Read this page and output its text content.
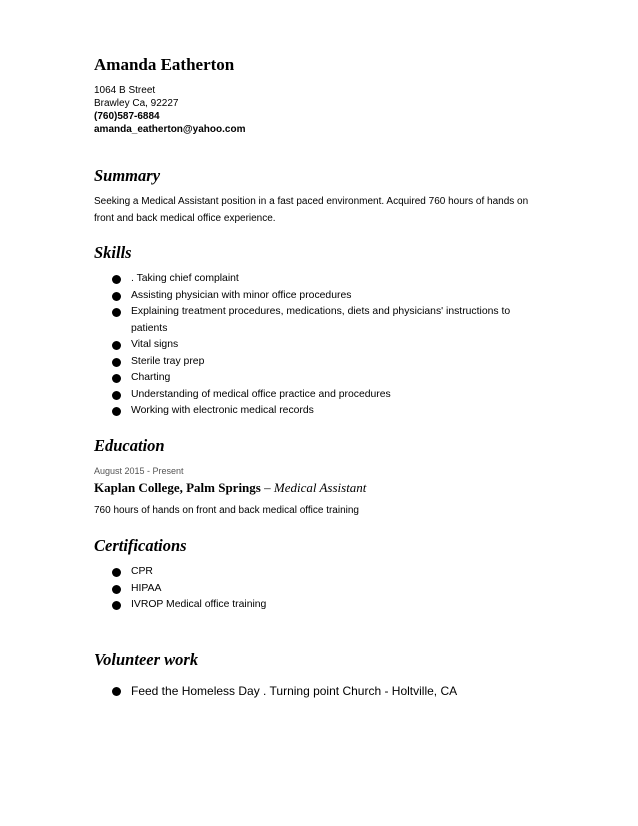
Amanda Eatherton
1064 B Street
Brawley Ca, 92227
(760)587-6884
amanda_eatherton@yahoo.com
Summary

Seeking a Medical Assistant position in a fast paced environment. Acquired 760 hours of hands on front and back medical office experience.

Skills
. Taking chief complaint
Assisting physician with minor office procedures
Explaining treatment procedures, medications, diets and physicians' instructions to patients
Vital signs
Sterile tray prep
Charting
Understanding of medical office practice and procedures
Working with electronic medical records
Education
August 2015 - Present
Kaplan College, Palm Springs – Medical Assistant

760 hours of hands on front and back medical office training

Certifications
CPR
HIPAA
IVROP Medical office training
Volunteer work
Feed the Homeless Day . Turning point Church - Holtville, CA
